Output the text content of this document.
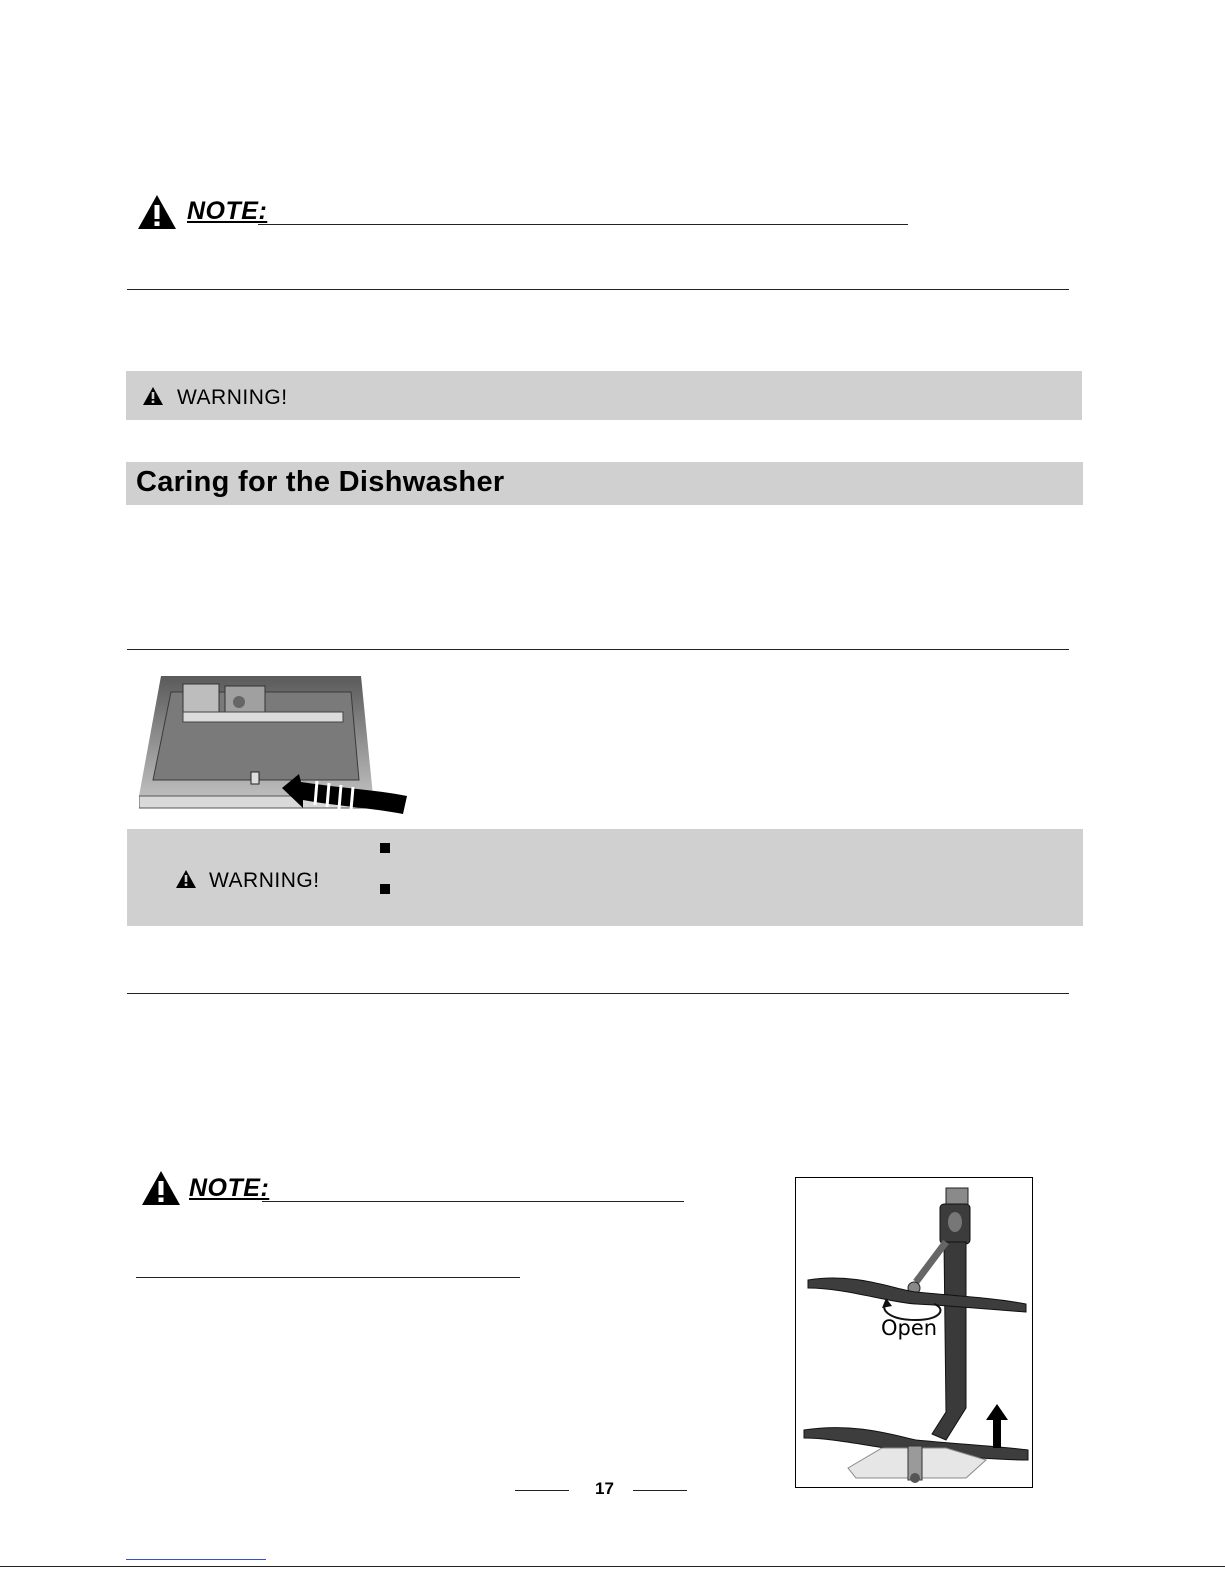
NOTE:
WARNING!
Caring for the Dishwasher
WARNING!
NOTE:
Open
17
